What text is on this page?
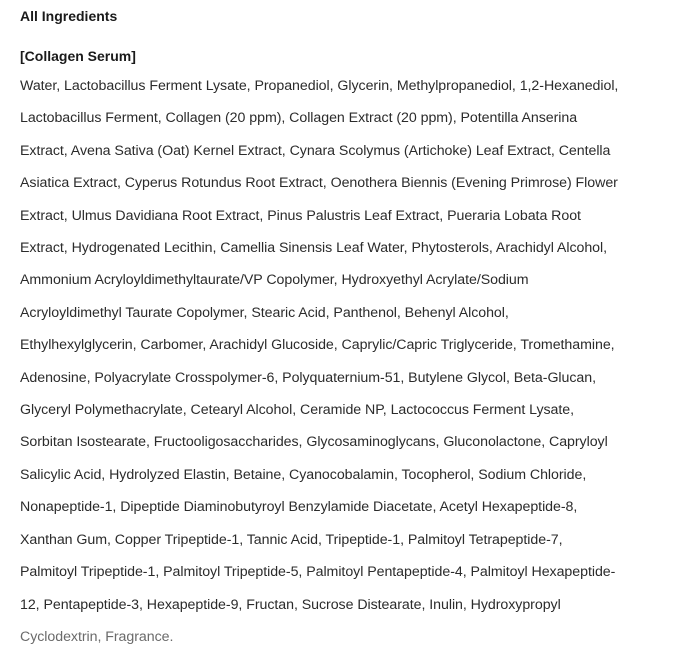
All Ingredients
[Collagen Serum]
Water, Lactobacillus Ferment Lysate, Propanediol, Glycerin, Methylpropanediol, 1,2-Hexanediol,
Lactobacillus Ferment, Collagen (20 ppm), Collagen Extract (20 ppm), Potentilla Anserina
Extract, Avena Sativa (Oat) Kernel Extract, Cynara Scolymus (Artichoke) Leaf Extract, Centella
Asiatica Extract, Cyperus Rotundus Root Extract, Oenothera Biennis (Evening Primrose) Flower
Extract, Ulmus Davidiana Root Extract, Pinus Palustris Leaf Extract, Pueraria Lobata Root
Extract, Hydrogenated Lecithin, Camellia Sinensis Leaf Water, Phytosterols, Arachidyl Alcohol,
Ammonium Acryloyldimethyltaurate/VP Copolymer, Hydroxyethyl Acrylate/Sodium
Acryloyldimethyl Taurate Copolymer, Stearic Acid, Panthenol, Behenyl Alcohol,
Ethylhexylglycerin, Carbomer, Arachidyl Glucoside, Caprylic/Capric Triglyceride, Tromethamine,
Adenosine, Polyacrylate Crosspolymer-6, Polyquaternium-51, Butylene Glycol, Beta-Glucan,
Glyceryl Polymethacrylate, Cetearyl Alcohol, Ceramide NP, Lactococcus Ferment Lysate,
Sorbitan Isostearate, Fructooligosaccharides, Glycosaminoglycans, Gluconolactone, Capryloyl
Salicylic Acid, Hydrolyzed Elastin, Betaine, Cyanocobalamin, Tocopherol, Sodium Chloride,
Nonapeptide-1, Dipeptide Diaminobutyroyl Benzylamide Diacetate, Acetyl Hexapeptide-8,
Xanthan Gum, Copper Tripeptide-1, Tannic Acid, Tripeptide-1, Palmitoyl Tetrapeptide-7,
Palmitoyl Tripeptide-1, Palmitoyl Tripeptide-5, Palmitoyl Pentapeptide-4, Palmitoyl Hexapeptide-
12, Pentapeptide-3, Hexapeptide-9, Fructan, Sucrose Distearate, Inulin, Hydroxypropyl
Cyclodextrin, Fragrance.
